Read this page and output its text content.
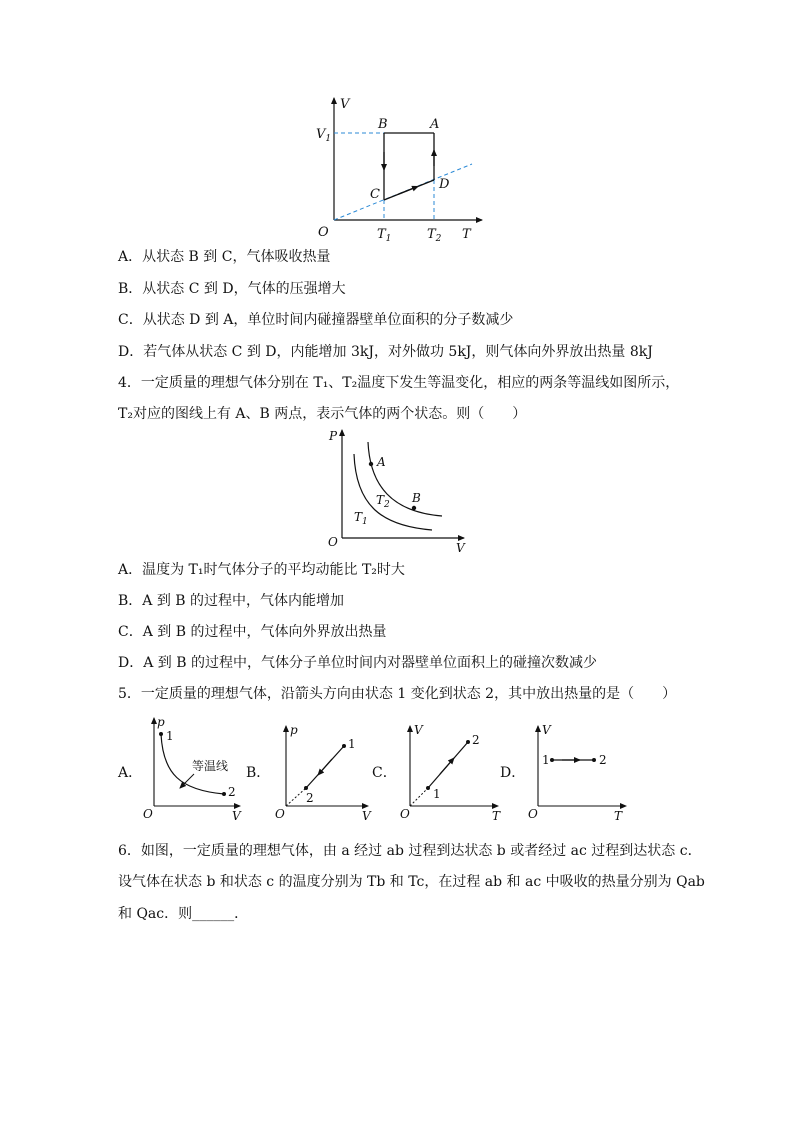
V
T
O
$V_1$
B	A
C
D
$T_1$	$T_2$
A．从状态 B 到 C，气体吸收热量
B．从状态 C 到 D，气体的压强增大
C．从状态 D 到 A，单位时间内碰撞器壁单位面积的分子数减少
D．若气体从状态 C 到 D，内能增加 3kJ，对外做功 5kJ，则气体向外界放出热量 8kJ
4．一定质量的理想气体分别在 T₁、T₂温度下发生等温变化，相应的两条等温线如图所示，
T₂对应的图线上有 A、B 两点，表示气体的两个状态。则（　　）
P
V
O
A
B
$T_2$
$T_1$
A．温度为 T₁时气体分子的平均动能比 T₂时大
B．A 到 B 的过程中，气体内能增加
C．A 到 B 的过程中，气体向外界放出热量
D．A 到 B 的过程中，气体分子单位时间内对器壁单位面积上的碰撞次数减少
5．一定质量的理想气体，沿箭头方向由状态 1 变化到状态 2，其中放出热量的是（　　）
A．	B．	C．	D．
p
V
O
1
2
等温线
p
V
O
1
2
V
T
O
1
2
V
T
O
1	2
6．如图，一定质量的理想气体，由 a 经过 ab 过程到达状态 b 或者经过 ac 过程到达状态 c．
设气体在状态 b 和状态 c 的温度分别为 Tb 和 Tc，在过程 ab 和 ac 中吸收的热量分别为 Qab
和 Qac．则______．
